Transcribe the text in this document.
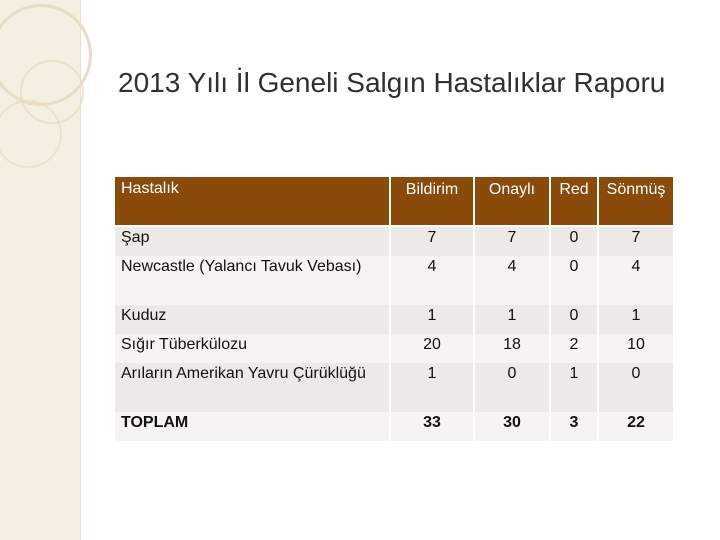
2013 Yılı İl Geneli Salgın Hastalıklar Raporu
Hastalık	Bildirim	Onaylı	Red	Sönmüş
Şap	7	7	0	7
Newcastle (Yalancı Tavuk Vebası)	4	4	0	4
Kuduz	1	1	0	1
Sığır Tüberkülozu	20	18	2	10
Arıların Amerikan Yavru Çürüklüğü	1	0	1	0
TOPLAM	33	30	3	22
